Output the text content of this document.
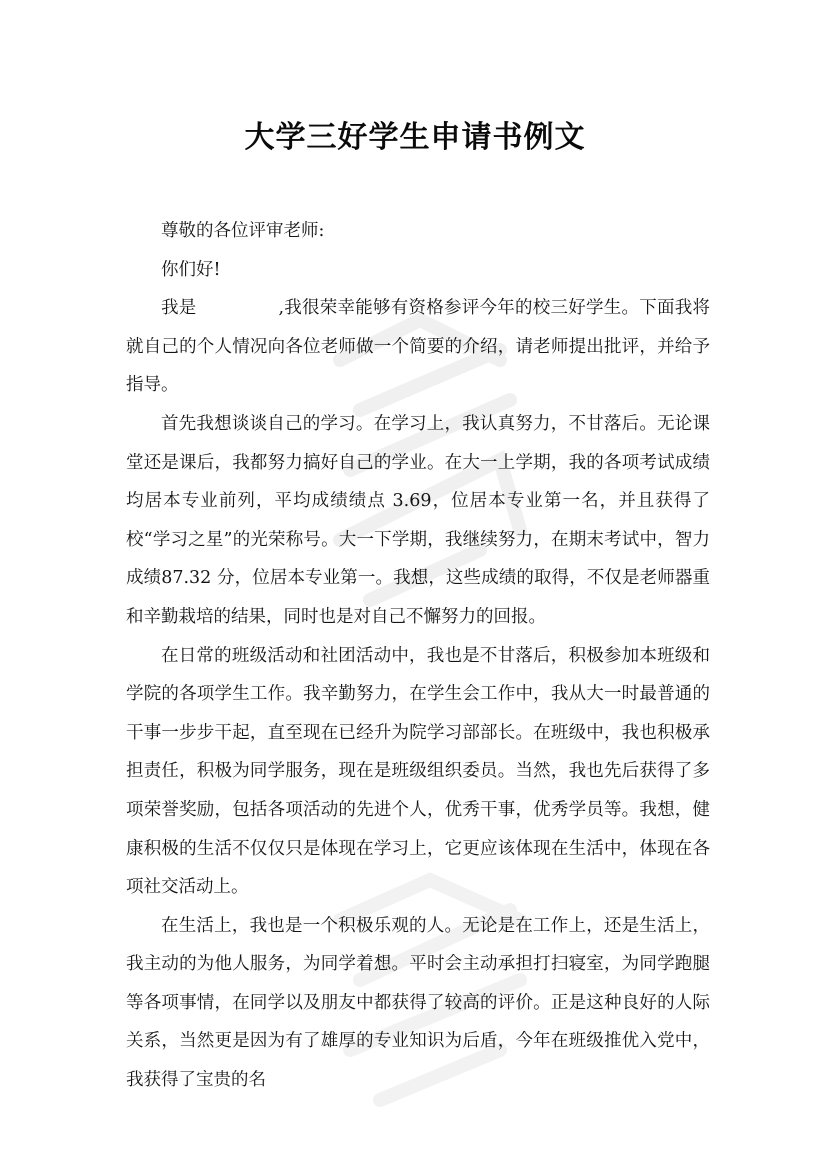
大学三好学生申请书例文

尊敬的各位评审老师:

你们好!

我是	,我很荣幸能够有资格参评今年的校三好学生。下面我将就自己的个人情况向各位老师做一个简要的介绍，请老师提出批评，并给予指导。

首先我想谈谈自己的学习。在学习上，我认真努力，不甘落后。无论课堂还是课后，我都努力搞好自己的学业。在大一上学期，我的各项考试成绩均居本专业前列，平均成绩绩点 3.69，位居本专业第一名，并且获得了校“学习之星”的光荣称号。大一下学期，我继续努力，在期末考试中，智力成绩87.32 分，位居本专业第一。我想，这些成绩的取得，不仅是老师器重和辛勤栽培的结果，同时也是对自己不懈努力的回报。

在日常的班级活动和社团活动中，我也是不甘落后，积极参加本班级和学院的各项学生工作。我辛勤努力，在学生会工作中，我从大一时最普通的干事一步步干起，直至现在已经升为院学习部部长。在班级中，我也积极承担责任，积极为同学服务，现在是班级组织委员。当然，我也先后获得了多项荣誉奖励，包括各项活动的先进个人，优秀干事，优秀学员等。我想，健康积极的生活不仅仅只是体现在学习上，它更应该体现在生活中，体现在各项社交活动上。

在生活上，我也是一个积极乐观的人。无论是在工作上，还是生活上，我主动的为他人服务，为同学着想。平时会主动承担打扫寝室，为同学跑腿等各项事情，在同学以及朋友中都获得了较高的评价。正是这种良好的人际关系，当然更是因为有了雄厚的专业知识为后盾，今年在班级推优入党中，我获得了宝贵的名
